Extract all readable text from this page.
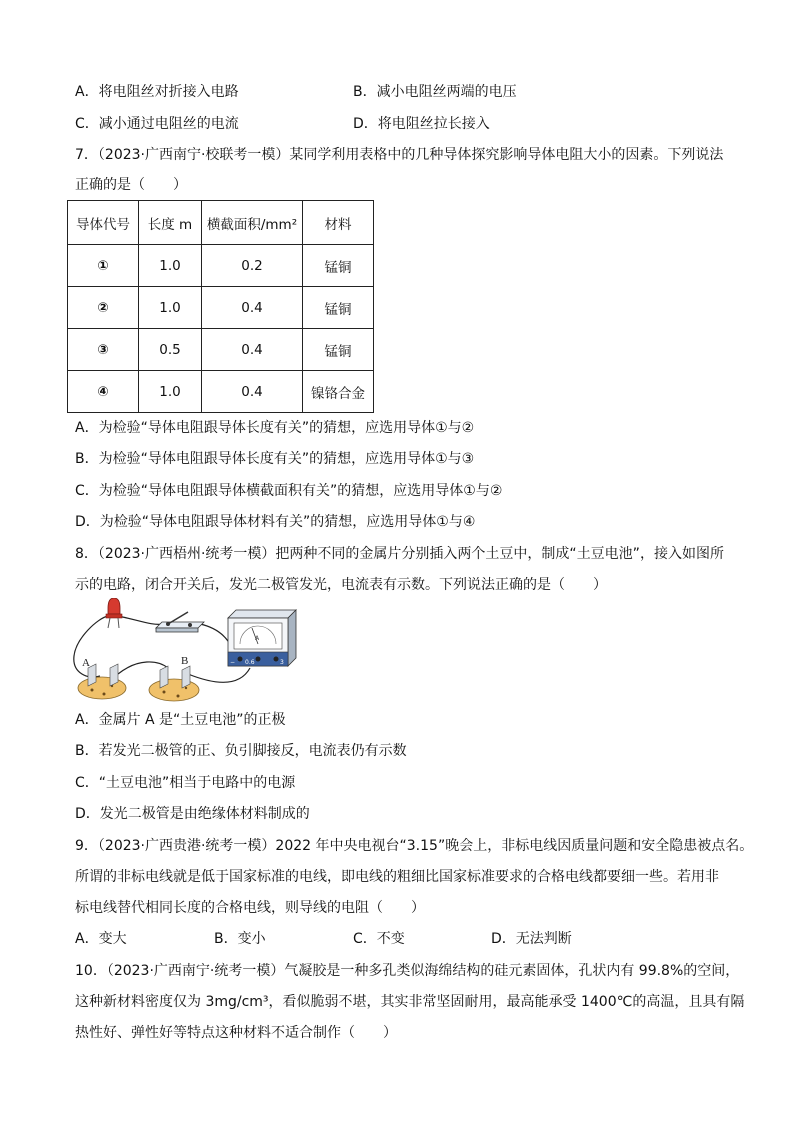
A．将电阻丝对折接入电路	B．减小电阻丝两端的电压
C．减小通过电阻丝的电流	D．将电阻丝拉长接入
7．（2023·广西南宁·校联考一模）某同学利用表格中的几种导体探究影响导体电阻大小的因素。下列说法
正确的是（　　）
导体代号	长度 m	横截面积/mm²	材料
①	1.0	0.2	锰铜
②	1.0	0.4	锰铜
③	0.5	0.4	锰铜
④	1.0	0.4	镍铬合金
A．为检验“导体电阻跟导体长度有关”的猜想，应选用导体①与②
B．为检验“导体电阻跟导体长度有关”的猜想，应选用导体①与③
C．为检验“导体电阻跟导体横截面积有关”的猜想，应选用导体①与②
D．为检验“导体电阻跟导体材料有关”的猜想，应选用导体①与④
8．（2023·广西梧州·统考一模）把两种不同的金属片分别插入两个土豆中，制成“土豆电池”，接入如图所
示的电路，闭合开关后，发光二极管发光，电流表有示数。下列说法正确的是（　　）
A
− 0.6	3
A	B
A．金属片 A 是“土豆电池”的正极
B．若发光二极管的正、负引脚接反，电流表仍有示数
C．“土豆电池”相当于电路中的电源
D．发光二极管是由绝缘体材料制成的
9．（2023·广西贵港·统考一模）2022 年中央电视台“3.15”晚会上，非标电线因质量问题和安全隐患被点名。
所谓的非标电线就是低于国家标准的电线，即电线的粗细比国家标准要求的合格电线都要细一些。若用非
标电线替代相同长度的合格电线，则导线的电阻（　　）
A．变大	B．变小	C．不变	D．无法判断
10．（2023·广西南宁·统考一模）气凝胶是一种多孔类似海绵结构的硅元素固体，孔状内有 99.8%的空间，
这种新材料密度仅为 3mg/cm³，看似脆弱不堪，其实非常坚固耐用，最高能承受 1400℃的高温，且具有隔
热性好、弹性好等特点这种材料不适合制作（　　）
